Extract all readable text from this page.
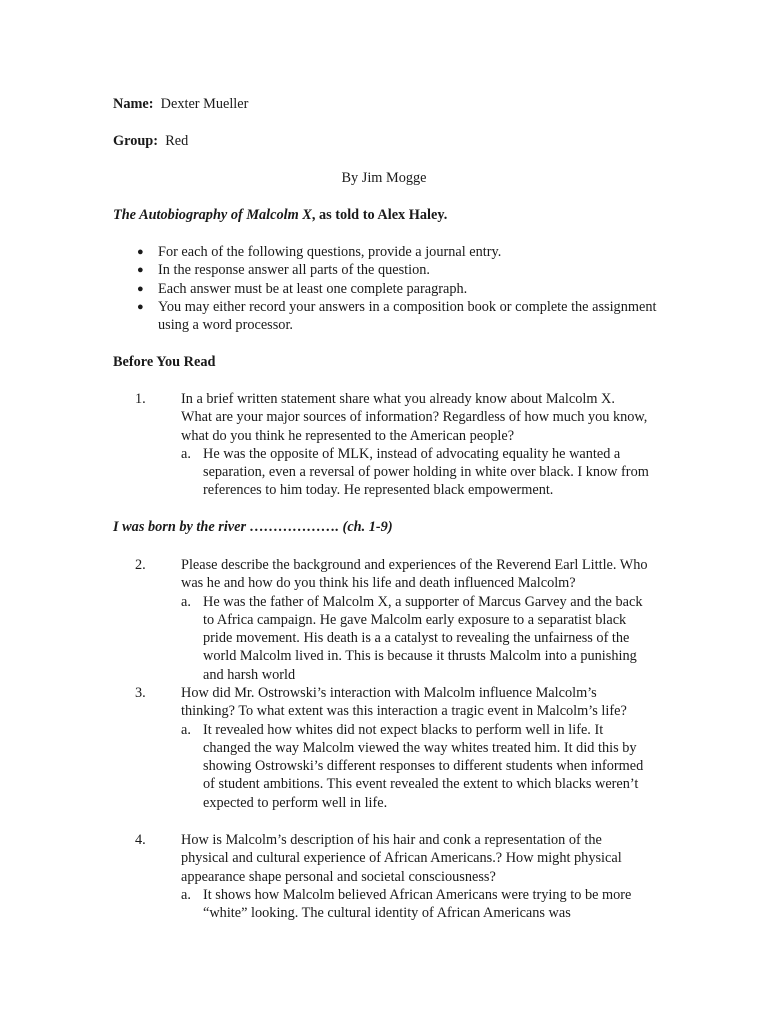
Name: Dexter Mueller
Group: Red
By Jim Mogge
The Autobiography of Malcolm X, as told to Alex Haley.
● For each of the following questions, provide a journal entry.
● In the response answer all parts of the question.
● Each answer must be at least one complete paragraph.
● You may either record your answers in a composition book or complete the assignment using a word processor.
Before You Read
1. In a brief written statement share what you already know about Malcolm X. What are your major sources of information? Regardless of how much you know, what do you think he represented to the American people?
a. He was the opposite of MLK, instead of advocating equality he wanted a separation, even a reversal of power holding in white over black. I know from references to him today. He represented black empowerment.
I was born by the river ………………. (ch. 1-9)
2. Please describe the background and experiences of the Reverend Earl Little. Who was he and how do you think his life and death influenced Malcolm?
a. He was the father of Malcolm X, a supporter of Marcus Garvey and the back to Africa campaign. He gave Malcolm early exposure to a separatist black pride movement. His death is a a catalyst to revealing the unfairness of the world Malcolm lived in. This is because it thrusts Malcolm into a punishing and harsh world
3. How did Mr. Ostrowski’s interaction with Malcolm influence Malcolm’s thinking? To what extent was this interaction a tragic event in Malcolm’s life?
a. It revealed how whites did not expect blacks to perform well in life. It changed the way Malcolm viewed the way whites treated him. It did this by showing Ostrowski’s different responses to different students when informed of student ambitions. This event revealed the extent to which blacks weren’t expected to perform well in life.
4. How is Malcolm’s description of his hair and conk a representation of the physical and cultural experience of African Americans.? How might physical appearance shape personal and societal consciousness?
a. It shows how Malcolm believed African Americans were trying to be more “white” looking. The cultural identity of African Americans was
